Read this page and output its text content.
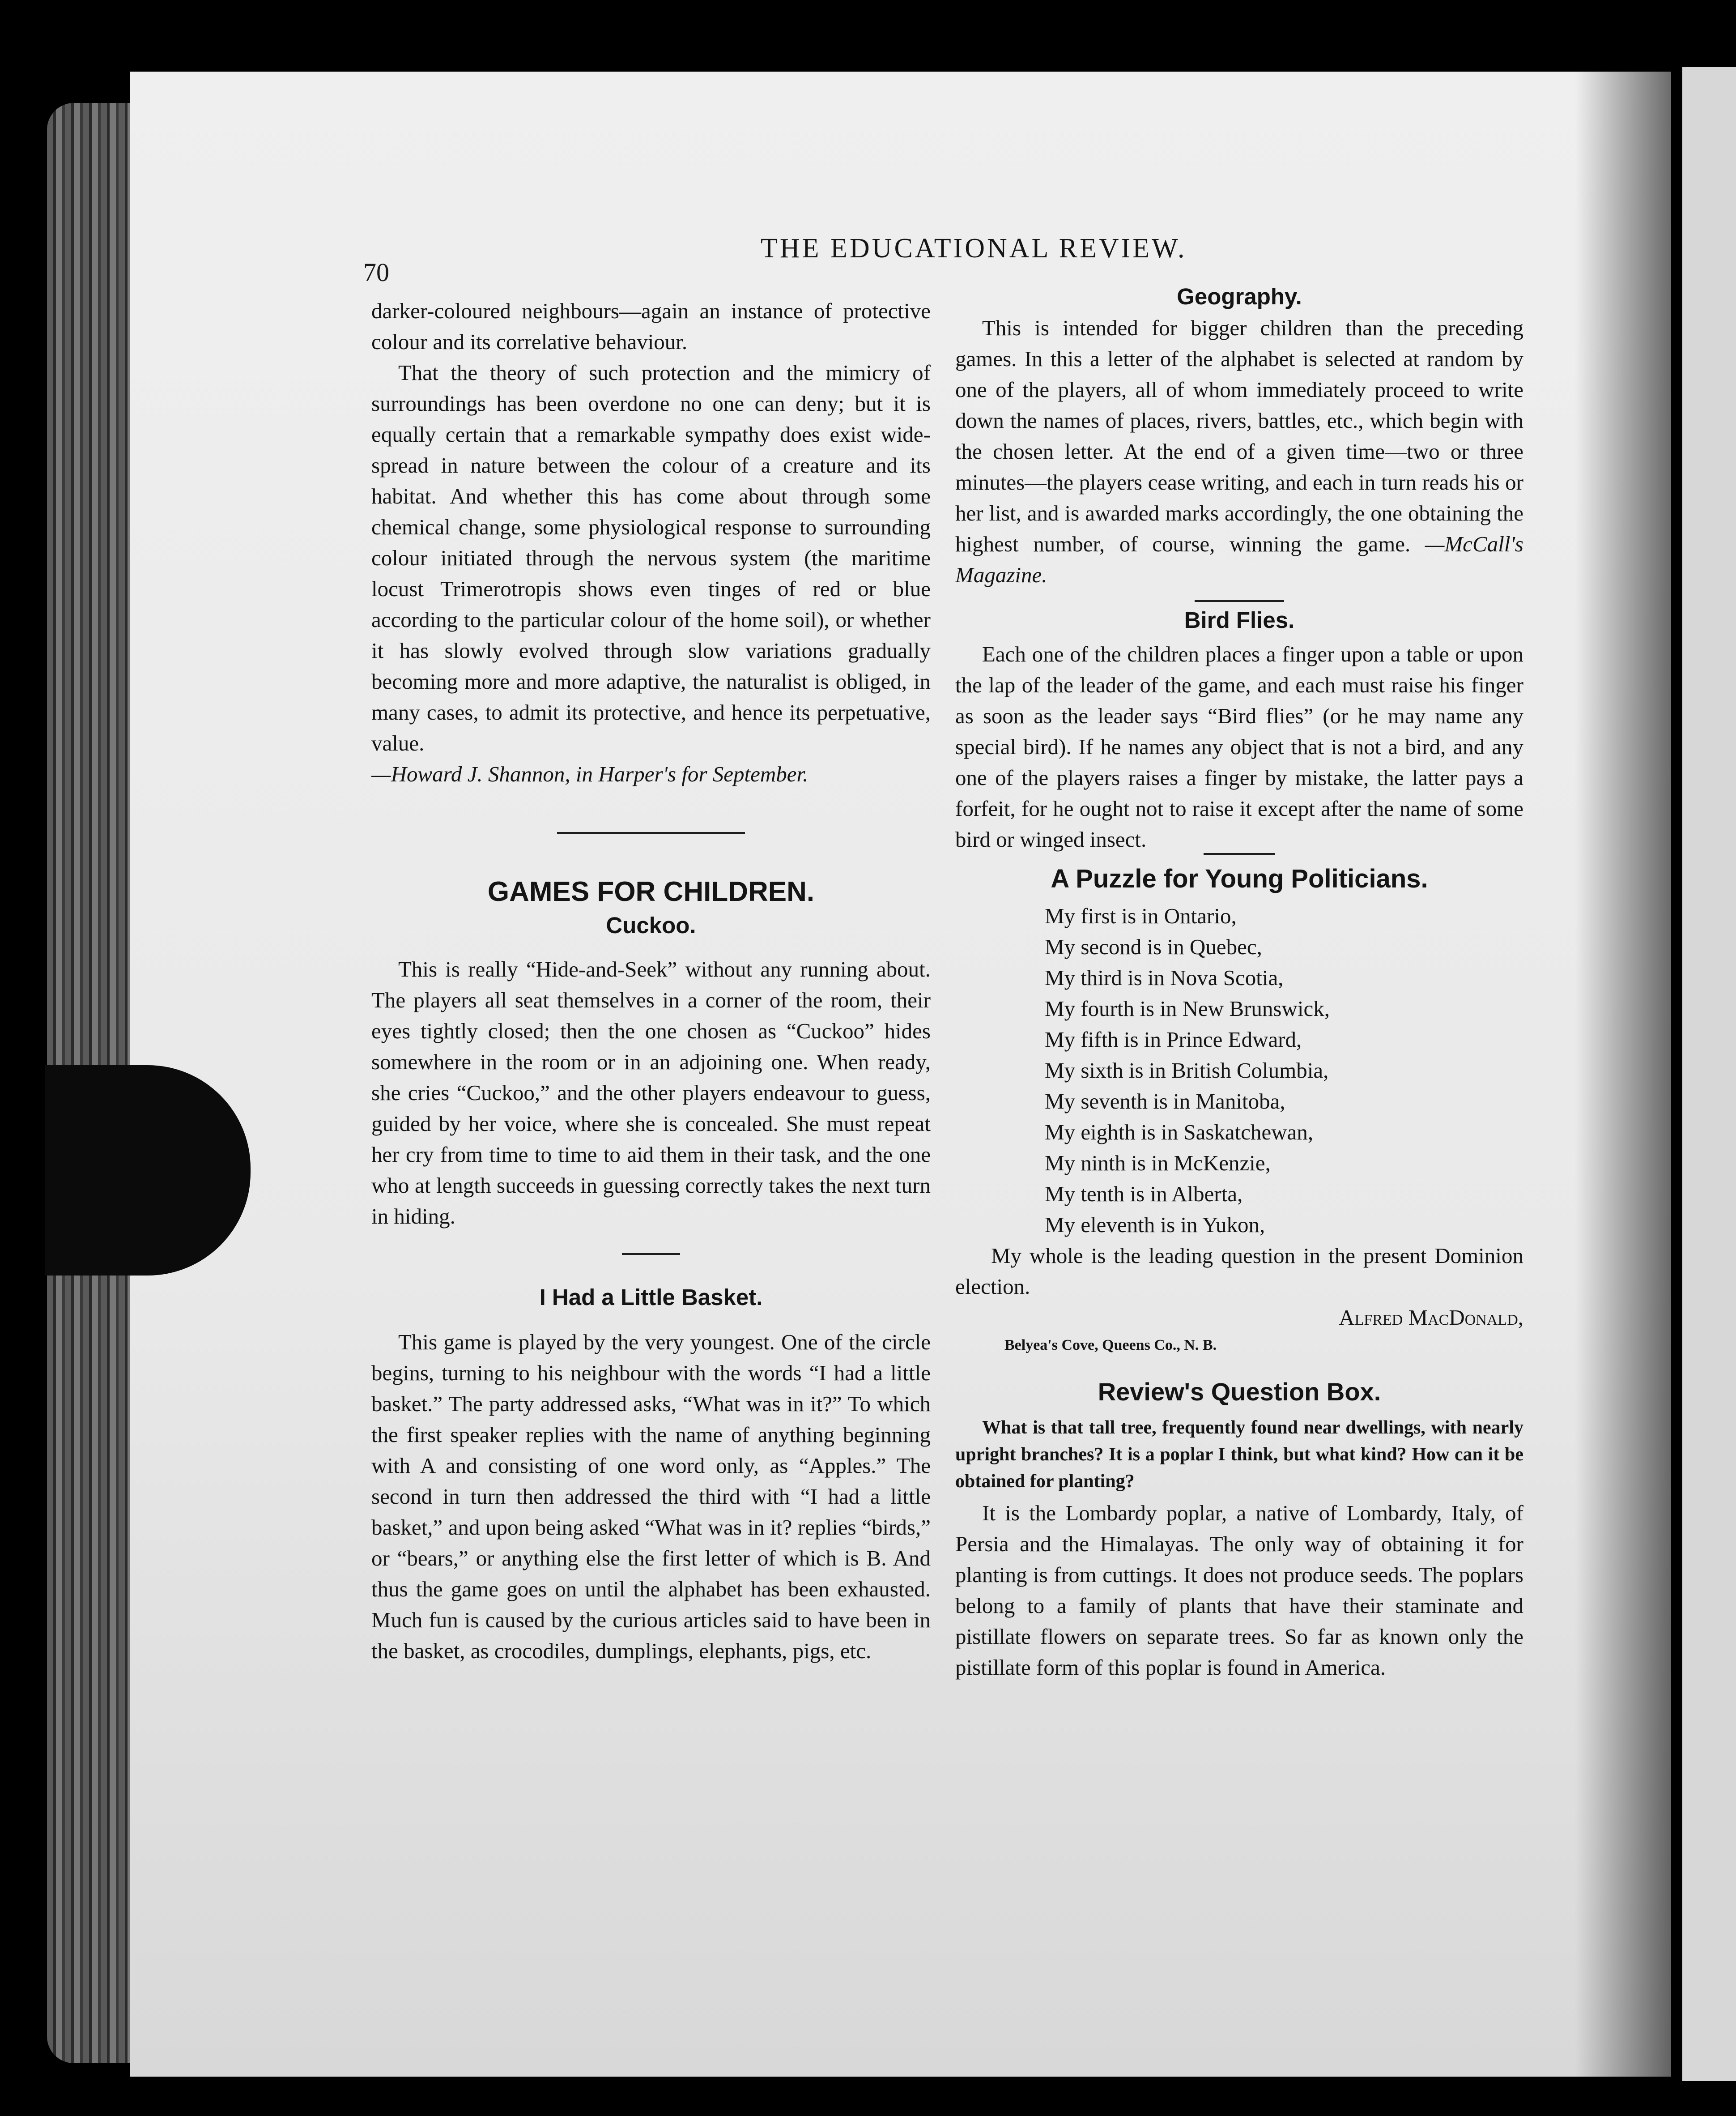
70
THE EDUCATIONAL REVIEW.

darker-coloured neighbours—again an instance of protective colour and its correlative behaviour.

That the theory of such protection and the mimicry of surroundings has been overdone no one can deny; but it is equally certain that a remarkable sympathy does exist wide-spread in nature between the colour of a creature and its habitat. And whether this has come about through some chemical change, some physiological response to surrounding colour initiated through the nervous system (the maritime locust Trimerotropis shows even tinges of red or blue according to the particular colour of the home soil), or whether it has slowly evolved through slow variations gradually becoming more and more adaptive, the naturalist is obliged, in many cases, to admit its protective, and hence its perpetuative, value.

—Howard J. Shannon, in Harper's for September.

GAMES FOR CHILDREN.

Cuckoo.

This is really “Hide-and-Seek” without any running about. The players all seat themselves in a corner of the room, their eyes tightly closed; then the one chosen as “Cuckoo” hides somewhere in the room or in an adjoining one. When ready, she cries “Cuckoo,” and the other players endeavour to guess, guided by her voice, where she is concealed. She must repeat her cry from time to time to aid them in their task, and the one who at length succeeds in guessing correctly takes the next turn in hiding.

I Had a Little Basket.

This game is played by the very youngest. One of the circle begins, turning to his neighbour with the words “I had a little basket.” The party addressed asks, “What was in it?” To which the first speaker replies with the name of anything beginning with A and consisting of one word only, as “Apples.” The second in turn then addressed the third with “I had a little basket,” and upon being asked “What was in it? replies “birds,” or “bears,” or anything else the first letter of which is B. And thus the game goes on until the alphabet has been exhausted. Much fun is caused by the curious articles said to have been in the basket, as crocodiles, dumplings, elephants, pigs, etc.

Geography.

This is intended for bigger children than the preceding games. In this a letter of the alphabet is selected at random by one of the players, all of whom immediately proceed to write down the names of places, rivers, battles, etc., which begin with the chosen letter. At the end of a given time—two or three minutes—the players cease writing, and each in turn reads his or her list, and is awarded marks accordingly, the one obtaining the highest number, of course, winning the game. —McCall's Magazine.

Bird Flies.

Each one of the children places a finger upon a table or upon the lap of the leader of the game, and each must raise his finger as soon as the leader says “Bird flies” (or he may name any special bird). If he names any object that is not a bird, and any one of the players raises a finger by mistake, the latter pays a forfeit, for he ought not to raise it except after the name of some bird or winged insect.

A Puzzle for Young Politicians.

My first is in Ontario,

My second is in Quebec,

My third is in Nova Scotia,

My fourth is in New Brunswick,

My fifth is in Prince Edward,

My sixth is in British Columbia,

My seventh is in Manitoba,

My eighth is in Saskatchewan,

My ninth is in McKenzie,

My tenth is in Alberta,

My eleventh is in Yukon,

My whole is the leading question in the present Dominion election.

Alfred MacDonald,

Belyea's Cove, Queens Co., N. B.

Review's Question Box.

What is that tall tree, frequently found near dwellings, with nearly upright branches? It is a poplar I think, but what kind? How can it be obtained for planting?

It is the Lombardy poplar, a native of Lombardy, Italy, of Persia and the Himalayas. The only way of obtaining it for planting is from cuttings. It does not produce seeds. The poplars belong to a family of plants that have their staminate and pistillate flowers on separate trees. So far as known only the pistillate form of this poplar is found in America.
